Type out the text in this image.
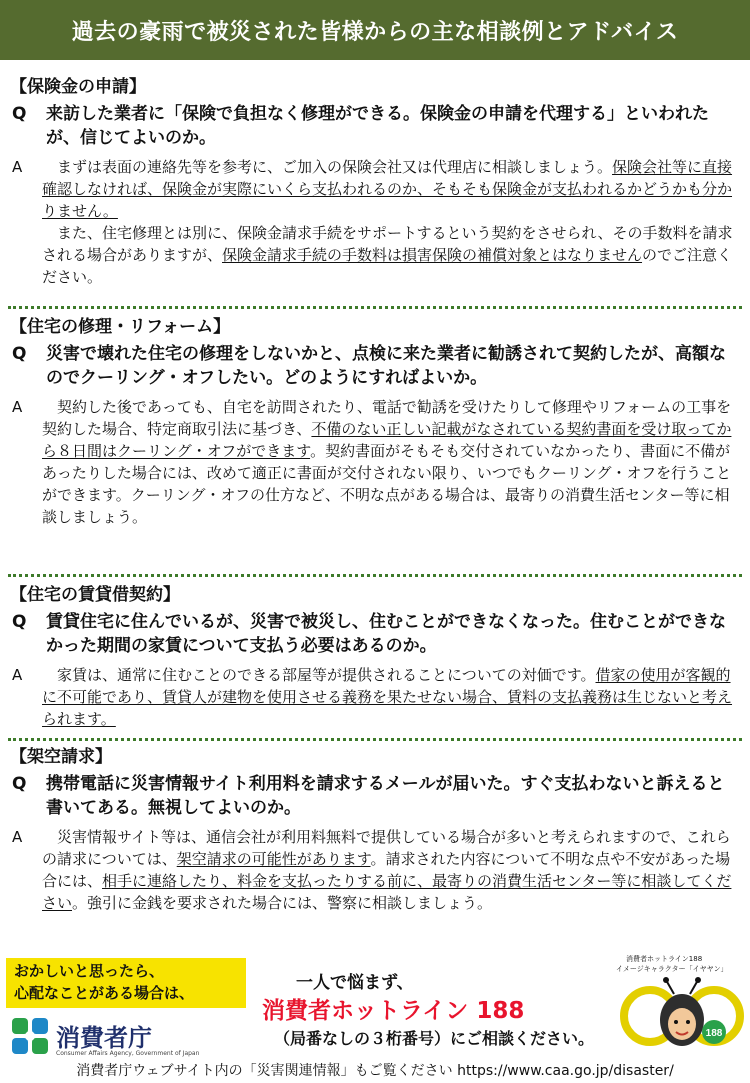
過去の豪雨で被災された皆様からの主な相談例とアドバイス
【保険金の申請】
Q	来訪した業者に「保険で負担なく修理ができる。保険金の申請を代理する」といわれたが、信じてよいのか。
A	まずは表面の連絡先等を参考に、ご加入の保険会社又は代理店に相談しましょう。保険会社等に直接確認しなければ、保険金が実際にいくら支払われるのか、そもそも保険金が支払われるかどうかも分かりません。

また、住宅修理とは別に、保険金請求手続をサポートするという契約をさせられ、その手数料を請求される場合がありますが、保険金請求手続の手数料は損害保険の補償対象とはなりませんのでご注意ください。

【住宅の修理・リフォーム】
Q	災害で壊れた住宅の修理をしないかと、点検に来た業者に勧誘されて契約したが、高額なのでクーリング・オフしたい。どのようにすればよいか。
A	契約した後であっても、自宅を訪問されたり、電話で勧誘を受けたりして修理やリフォームの工事を契約した場合、特定商取引法に基づき、不備のない正しい記載がなされている契約書面を受け取ってから８日間はクーリング・オフができます。契約書面がそもそも交付されていなかったり、書面に不備があったりした場合には、改めて適正に書面が交付されない限り、いつでもクーリング・オフを行うことができます。クーリング・オフの仕方など、不明な点がある場合は、最寄りの消費生活センター等に相談しましょう。

【住宅の賃貸借契約】
Q	賃貸住宅に住んでいるが、災害で被災し、住むことができなくなった。住むことができなかった期間の家賃について支払う必要はあるのか。
A	家賃は、通常に住むことのできる部屋等が提供されることについての対価です。借家の使用が客観的に不可能であり、賃貸人が建物を使用させる義務を果たせない場合、賃料の支払義務は生じないと考えられます。

【架空請求】
Q	携帯電話に災害情報サイト利用料を請求するメールが届いた。すぐ支払わないと訴えると書いてある。無視してよいのか。
A	災害情報サイト等は、通信会社が利用料無料で提供している場合が多いと考えられますので、これらの請求については、架空請求の可能性があります。請求された内容について不明な点や不安があった場合には、相手に連絡したり、料金を支払ったりする前に、最寄りの消費生活センター等に相談してください。強引に金銭を要求された場合には、警察に相談しましょう。

おかしいと思ったら、
心配なことがある場合は、	一人で悩まず、
消費者ホットライン 188
（局番なしの３桁番号）にご相談ください。
消費者庁
Consumer Affairs Agency, Government of Japan
消費者ホットライン188
イメージキャラクター「イヤヤン」
188
消費者庁ウェブサイト内の「災害関連情報」もご覧ください https://www.caa.go.jp/disaster/
